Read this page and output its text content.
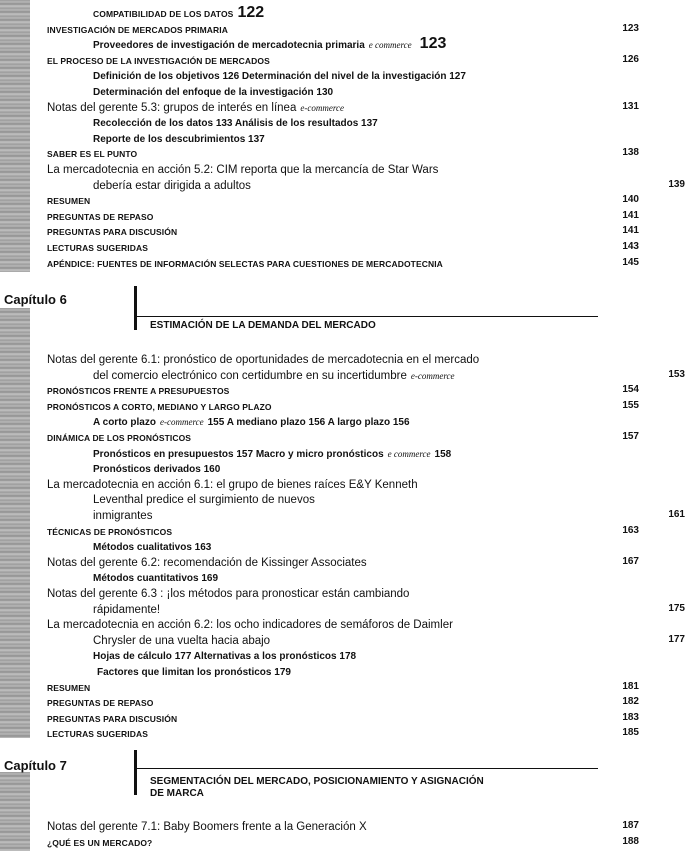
COMPATIBILIDAD DE LOS DATOS 122
INVESTIGACIÓN DE MERCADOS PRIMARIA	123
Proveedores de investigación de mercadotecnia primaria e commerce 123
EL PROCESO DE LA INVESTIGACIÓN DE MERCADOS	126
Definición de los objetivos 126 Determinación del nivel de la investigación 127
Determinación del enfoque de la investigación 130
Notas del gerente 5.3: grupos de interés en línea e-commerce	131
Recolección de los datos 133 Análisis de los resultados 137
Reporte de los descubrimientos 137
SABER ES EL PUNTO	138
La mercadotecnia en acción 5.2: CIM reporta que la mercancía de Star Wars
debería estar dirigida a adultos	139
RESUMEN	140
PREGUNTAS DE REPASO	141
PREGUNTAS PARA DISCUSIÓN	141
LECTURAS SUGERIDAS	143
APÉNDICE: FUENTES DE INFORMACIÓN SELECTAS PARA CUESTIONES DE MERCADOTECNIA	145
Capítulo 6
ESTIMACIÓN DE LA DEMANDA DEL MERCADO
Notas del gerente 6.1: pronóstico de oportunidades de mercadotecnia en el mercado
del comercio electrónico con certidumbre en su incertidumbre e-commerce	153
PRONÓSTICOS FRENTE A PRESUPUESTOS	154
PRONÓSTICOS A CORTO, MEDIANO Y LARGO PLAZO	155
A corto plazo e-commerce 155 A mediano plazo 156 A largo plazo 156
DINÁMICA DE LOS PRONÓSTICOS	157
Pronósticos en presupuestos 157 Macro y micro pronósticos e commerce 158
Pronósticos derivados 160
La mercadotecnia en acción 6.1: el grupo de bienes raíces E&Y Kenneth
Leventhal predice el surgimiento de nuevos
inmigrantes	161
TÉCNICAS DE PRONÓSTICOS	163
Métodos cualitativos 163
Notas del gerente 6.2: recomendación de Kissinger Associates	167
Métodos cuantitativos 169
Notas del gerente 6.3 : ¡los métodos para pronosticar están cambiando
rápidamente!	175
La mercadotecnia en acción 6.2: los ocho indicadores de semáforos de Daimler
Chrysler de una vuelta hacia abajo	177
Hojas de cálculo 177 Alternativas a los pronósticos 178
Factores que limitan los pronósticos 179
RESUMEN	181
PREGUNTAS DE REPASO	182
PREGUNTAS PARA DISCUSIÓN	183
LECTURAS SUGERIDAS	185
Capítulo 7
SEGMENTACIÓN DEL MERCADO, POSICIONAMIENTO Y ASIGNACIÓN
DE MARCA
Notas del gerente 7.1: Baby Boomers frente a la Generación X	187
¿QUÉ ES UN MERCADO?	188
